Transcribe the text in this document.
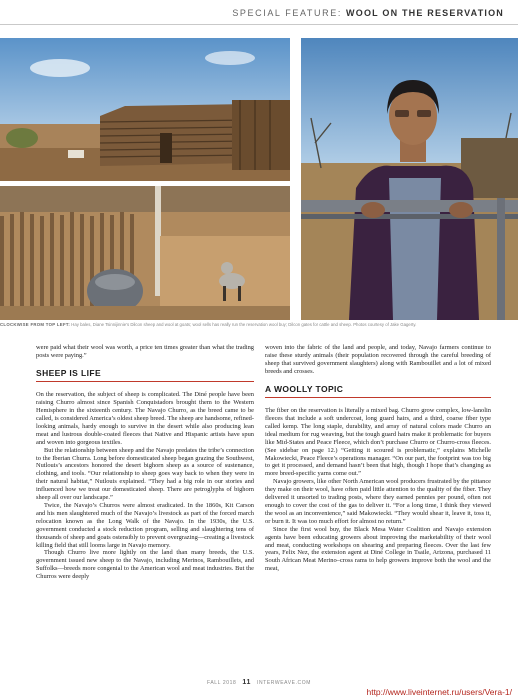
SPECIAL FEATURE: WOOL ON THE RESERVATION
CLOCKWISE FROM TOP LEFT: Hay bales, Diane Tsinnijinnie’s Dilcon sheep and wool at goats; wool sells has really run the reservation wool buy; Dilcon gates for cattle and sheep. Photos courtesy of Jake Gagerty.

were paid what their wool was worth, a price ten times greater than what the trading posts were paying.”

SHEEP IS LIFE

On the reservation, the subject of sheep is complicated. The Diné people have been raising Churro almost since Spanish Conquistadors brought them to the Western Hemisphere in the sixteenth century. The Navajo Churro, as the breed came to be called, is considered America’s oldest sheep breed. The sheep are handsome, refined-looking animals, hardy enough to survive in the desert while also producing lean meat and lustrous double-coated fleeces that Native and Hispanic artists have spun and woven into gorgeous textiles.

But the relationship between sheep and the Navajo predates the tribe’s connection to the Iberian Churra. Long before domesticated sheep began grazing the Southwest, Nutlouis’s ancestors honored the desert bighorn sheep as a source of sustenance, clothing, and tools. “Our relationship to sheep goes way back to when they were in their natural habitat,” Nutlouis explained. “They had a big role in our stories and influenced how we treat our domesticated sheep. There are petroglyphs of bighorn sheep all over our landscape.”

Twice, the Navajo’s Churros were almost eradicated. In the 1860s, Kit Carson and his men slaughtered much of the Navajo’s livestock as part of the forced march relocation known as the Long Walk of the Navajo. In the 1930s, the U.S. government conducted a stock reduction program, selling and slaughtering tens of thousands of sheep and goats ostensibly to prevent overgrazing—creating a livestock killing field that still looms large in Navajo memory.

Though Churro live more lightly on the land than many breeds, the U.S. government issued new sheep to the Navajo, including Merinos, Rambouillets, and Suffolks—breeds more congenial to the American wool and meat industries. But the Churros were deeply

woven into the fabric of the land and people, and today, Navajo farmers continue to raise these sturdy animals (their population recovered through the careful breeding of sheep that survived government slaughters) along with Rambouillet and a lot of mixed breeds and crosses.

A WOOLLY TOPIC

The fiber on the reservation is literally a mixed bag. Churro grow complex, low-lanolin fleeces that include a soft undercoat, long guard hairs, and a third, coarse fiber type called kemp. The long staple, durability, and array of natural colors made Churro an ideal medium for rug weaving, but the tough guard hairs make it problematic for buyers like Mid-States and Peace Fleece, which don’t purchase Churro or Churro-cross fleeces. (See sidebar on page 12.) “Getting it scoured is problematic,” explains Michelle Makowiecki, Peace Fleece’s operations manager. “On our part, the footprint was too big to get it processed, and demand hasn’t been that high, though I hope that’s changing as more breed-specific yarns come out.”

Navajo growers, like other North American wool producers frustrated by the pittance they make on their wool, have often paid little attention to the quality of the fiber. They delivered it unsorted to trading posts, where they earned pennies per pound, often not enough to cover the cost of the gas to deliver it. “For a long time, I think they viewed the wool as an inconvenience,” said Makowiecki. “They would shear it, leave it, toss it, or burn it. It was too much effort for almost no return.”

Since the first wool buy, the Black Mesa Water Coalition and Navajo extension agents have been educating growers about improving the marketability of their wool and meat, conducting workshops on shearing and preparing fleeces. Over the last few years, Felix Nez, the extension agent at Diné College in Tsaile, Arizona, purchased 11 South African Meat Merino–cross rams to help growers improve both the wool and the meat,

FALL 2018 11 INTERWEAVE.COM
http://www.liveinternet.ru/users/Vera-1/
